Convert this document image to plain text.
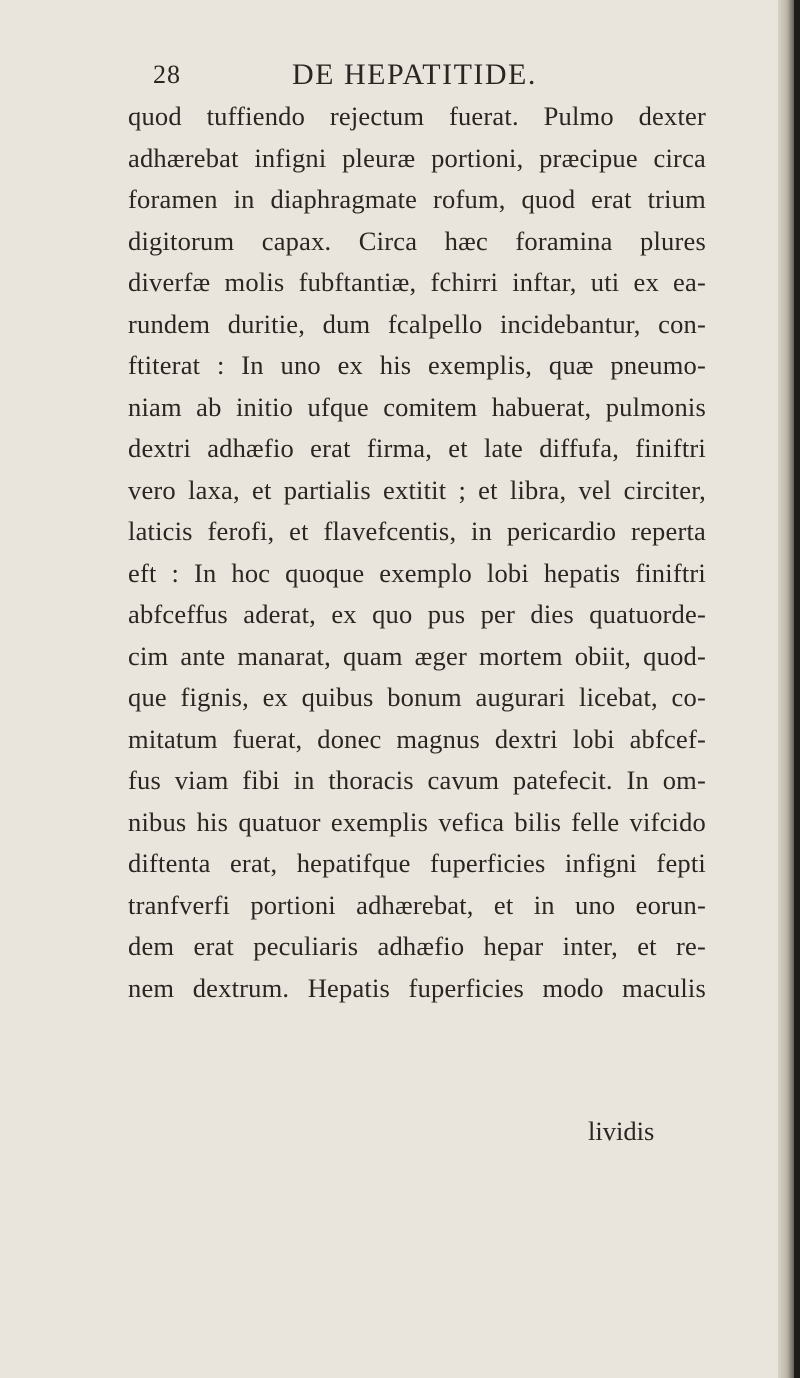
28	DE HEPATITIDE.
quod tuffiendo rejectum fuerat. Pulmo dexter
adhærebat infigni pleuræ portioni, præcipue circa
foramen in diaphragmate rofum, quod erat trium
digitorum capax. Circa hæc foramina plures
diverfæ molis fubftantiæ, fchirri inftar, uti ex ea-
rundem duritie, dum fcalpello incidebantur, con-
ftiterat : In uno ex his exemplis, quæ pneumo-
niam ab initio ufque comitem habuerat, pulmonis
dextri adhæfio erat firma, et late diffufa, finiftri
vero laxa, et partialis extitit ; et libra, vel circiter,
laticis ferofi, et flavefcentis, in pericardio reperta
eft : In hoc quoque exemplo lobi hepatis finiftri
abfceffus aderat, ex quo pus per dies quatuorde-
cim ante manarat, quam æger mortem obiit, quod-
que fignis, ex quibus bonum augurari licebat, co-
mitatum fuerat, donec magnus dextri lobi abfcef-
fus viam fibi in thoracis cavum patefecit. In om-
nibus his quatuor exemplis vefica bilis felle vifcido
diftenta erat, hepatifque fuperficies infigni fepti
tranfverfi portioni adhærebat, et in uno eorun-
dem erat peculiaris adhæfio hepar inter, et re-
nem dextrum. Hepatis fuperficies modo maculis
lividis
